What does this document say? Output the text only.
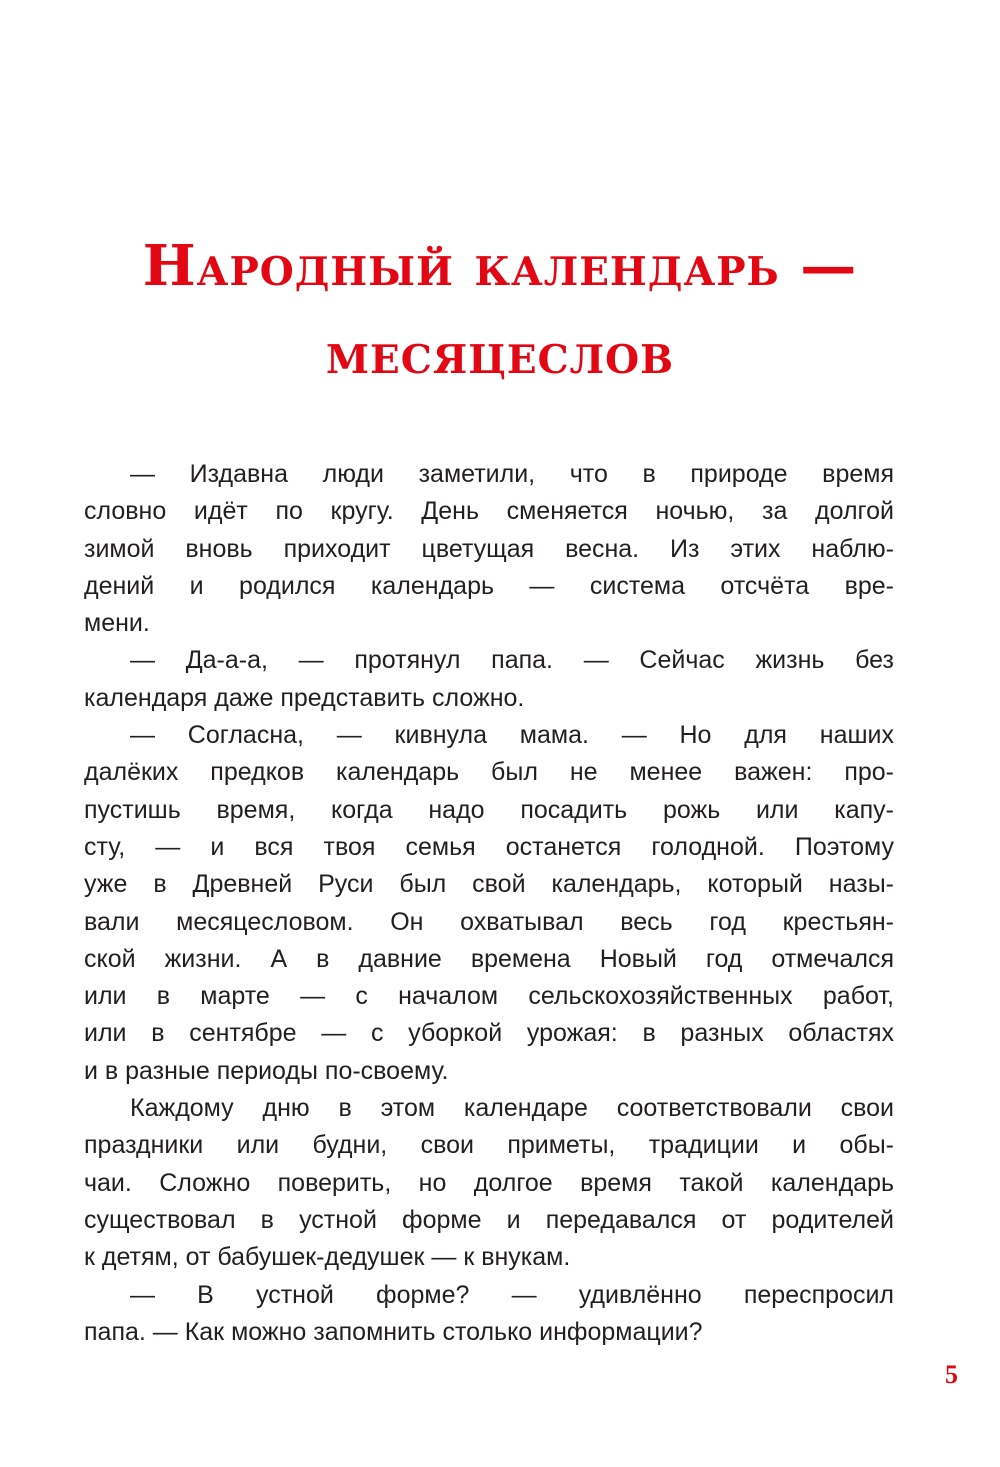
Народный календарь —
месяцеслов

— Издавна люди заметили, что в природе время
словно идёт по кругу. День сменяется ночью, за долгой
зимой вновь приходит цветущая весна. Из этих наблю-
дений и родился календарь — система отсчёта вре-
мени.

— Да-а-а, — протянул папа. — Сейчас жизнь без
календаря даже представить сложно.

— Согласна, — кивнула мама. — Но для наших
далёких предков календарь был не менее важен: про-
пустишь время, когда надо посадить рожь или капу-
сту, — и вся твоя семья останется голодной. Поэтому
уже в Древней Руси был свой календарь, который назы-
вали месяцесловом. Он охватывал весь год крестьян-
ской жизни. А в давние времена Новый год отмечался
или в марте — с началом сельскохозяйственных работ,
или в сентябре — с уборкой урожая: в разных областях
и в разные периоды по-своему.

Каждому дню в этом календаре соответствовали свои
праздники или будни, свои приметы, традиции и обы-
чаи. Сложно поверить, но долгое время такой календарь
существовал в устной форме и передавался от родителей
к детям, от бабушек-дедушек — к внукам.

— В устной форме? — удивлённо переспросил
папа. — Как можно запомнить столько информации?

5
